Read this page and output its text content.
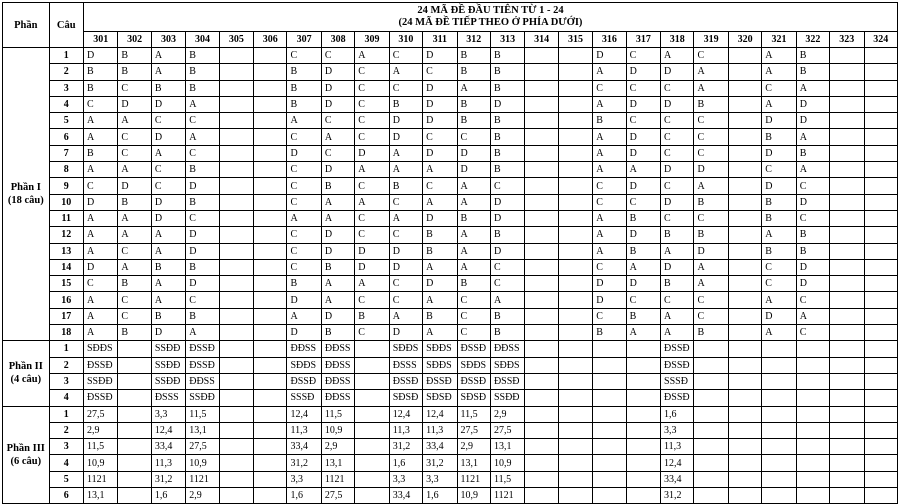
Phần	Câu	24 MÃ ĐỀ ĐẦU TIÊN TỪ 1 - 24
(24 MÃ ĐỀ TIẾP THEO Ở PHÍA DƯỚI)																							

		301	302	303	304	305	306	307	308	309	310	311	312	313	314	315	316	317	318	319	320	321	322	323	324

Phần I
(18 câu)	1	D	B	A	B			C	C	A	C	D	B	B			D	C	A	C		A	B		
	2	B	B	A	B			B	D	C	A	C	B	B			A	D	D	A		A	B		
	3	B	C	B	B			B	D	C	C	D	A	B			C	C	C	A		C	A		
	4	C	D	D	A			B	D	C	B	D	B	D			A	D	D	B		A	D		
	5	A	A	C	C			A	C	C	D	D	B	B			B	C	C	C		D	D		
	6	A	C	D	A			C	A	C	D	C	C	B			A	D	C	C		B	A		
	7	B	C	A	C			D	C	D	A	D	D	B			A	D	C	C		D	B		
	8	A	A	C	B			C	D	A	A	A	D	B			A	A	D	D		C	A		
	9	C	D	C	D			C	B	C	B	C	A	C			C	D	C	A		D	C		
	10	D	B	D	B			C	A	A	C	A	A	D			C	C	D	B		B	D		
	11	A	A	D	C			A	A	C	A	D	B	D			A	B	C	C		B	C		
	12	A	A	A	D			C	D	C	C	B	A	B			A	D	B	B		A	B		
	13	A	C	A	D			C	D	D	D	B	A	D			A	B	A	D		B	B		
	14	D	A	B	B			C	B	D	D	A	A	C			C	A	D	A		C	D		
	15	C	B	A	D			B	A	A	C	D	B	C			D	D	B	A		C	D		
	16	A	C	A	C			D	A	C	C	A	C	A			D	C	C	C		A	C		
	17	A	C	B	B			A	D	B	A	B	C	B			C	B	A	C		D	A		
	18	A	B	D	A			D	B	C	D	A	C	B			B	A	A	B		A	C		

Phần II
(4 câu)	1	SĐĐS		SSĐĐ	ĐSSĐ			ĐĐSS	ĐĐSS		SĐĐS	SĐĐS	ĐSSĐ	ĐĐSS					ĐSSĐ						
	2	ĐSSĐ		SSĐĐ	ĐSSĐ			SĐĐS	ĐĐSS		ĐSSS	SĐĐS	SĐĐS	SĐĐS					ĐSSĐ						
	3	SSĐĐ		SSĐĐ	ĐĐSS			ĐSSĐ	ĐĐSS		ĐSSĐ	ĐSSĐ	ĐSSĐ	ĐSSĐ					SSSĐ						
	4	ĐSSĐ		ĐSSS	SSĐĐ			SSSĐ	ĐĐSS		SĐSĐ	SĐSĐ	SĐSĐ	SSĐĐ					ĐSSĐ						

Phần III
(6 câu)	1	27,5		3,3	11,5			12,4	11,5		12,4	12,4	11,5	2,9					1,6						
	2	2,9		12,4	13,1			11,3	10,9		11,3	11,3	27,5	27,5					3,3						
	3	11,5		33,4	27,5			33,4	2,9		31,2	33,4	2,9	13,1					11,3						
	4	10,9		11,3	10,9			31,2	13,1		1,6	31,2	13,1	10,9					12,4						
	5	1121		31,2	1121			3,3	1121		3,3	3,3	1121	11,5					33,4						
	6	13,1		1,6	2,9			1,6	27,5		33,4	1,6	10,9	1121					31,2						
